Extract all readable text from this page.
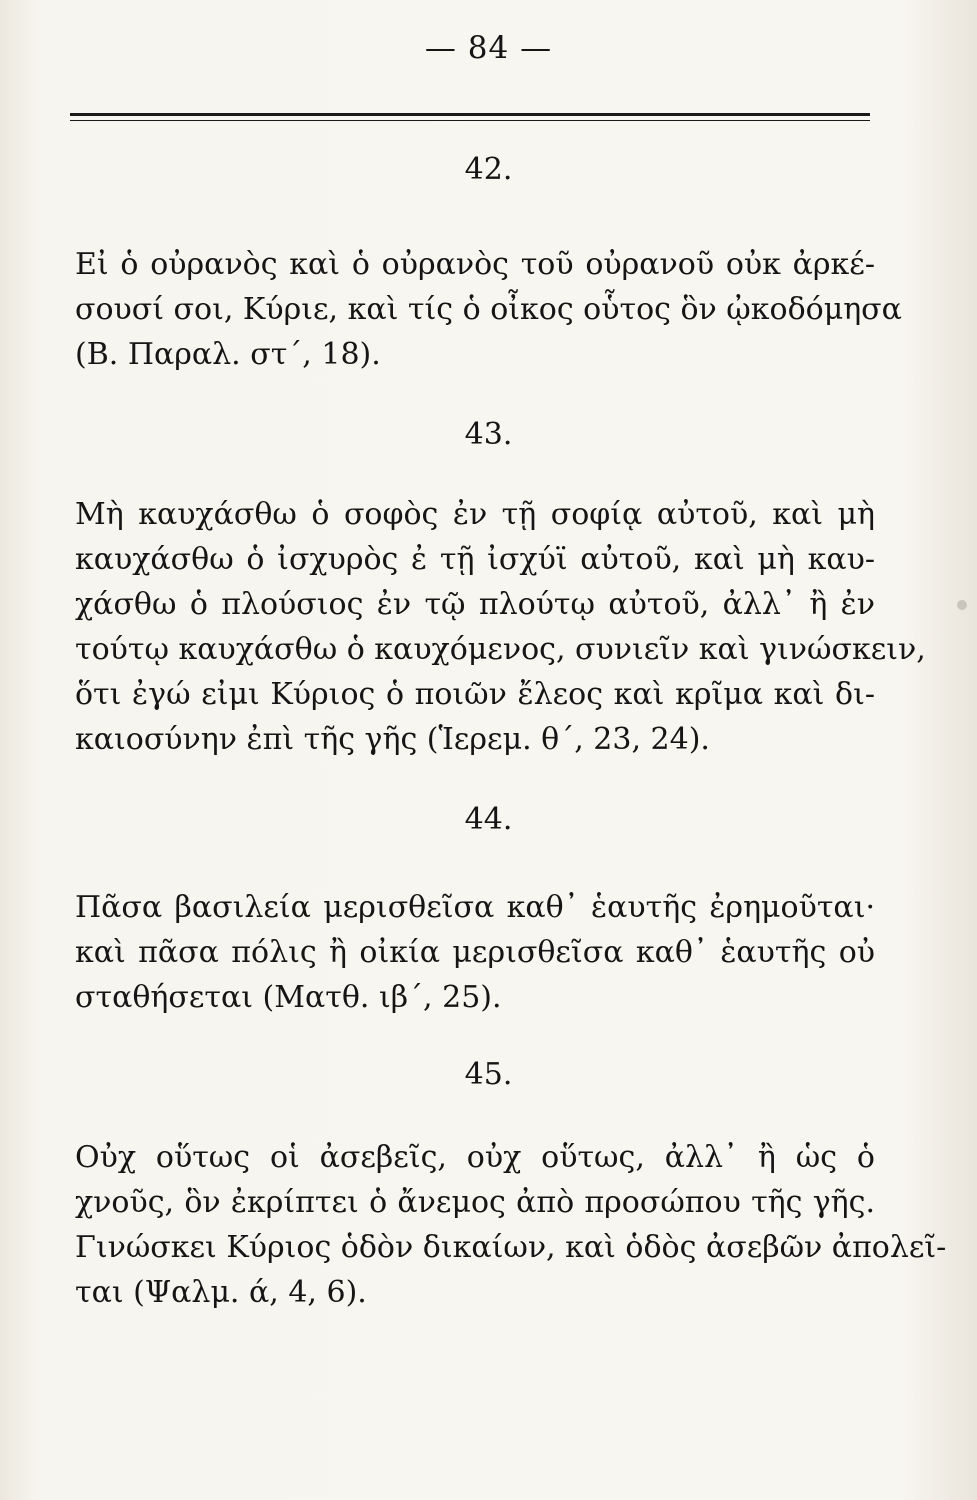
— 84 —
42.

Εἰ ὁ οὐρανὸς καὶ ὁ οὐρανὸς τοῦ οὐρανοῦ οὐκ ἀρκέ-
σουσί σοι, Κύριε, καὶ τίς ὁ οἶκος οὗτος ὃν ᾠκοδόμησα
(Β. Παραλ. στ΄, 18).

43.

Μὴ καυχάσθω ὁ σοφὸς ἐν τῇ σοφίᾳ αὐτοῦ, καὶ μὴ
καυχάσθω ὁ ἰσχυρὸς ἐ τῇ ἰσχύϊ αὐτοῦ, καὶ μὴ καυ-
χάσθω ὁ πλούσιος ἐν τῷ πλούτῳ αὐτοῦ, ἀλλ᾽ ἢ ἐν
τούτῳ καυχάσθω ὁ καυχόμενος, συνιεῖν καὶ γινώσκειν,
ὅτι ἐγώ εἰμι Κύριος ὁ ποιῶν ἔλεος καὶ κρῖμα καὶ δι-
καιοσύνην ἐπὶ τῆς γῆς (Ἱερεμ. θ΄, 23, 24).

44.

Πᾶσα βασιλεία μερισθεῖσα καθ᾽ ἑαυτῆς ἐρημοῦται·
καὶ πᾶσα πόλις ἢ οἰκία μερισθεῖσα καθ᾽ ἑαυτῆς οὐ
σταθήσεται (Ματθ. ιβ΄, 25).

45.

Οὐχ οὕτως οἱ ἀσεβεῖς, οὐχ οὕτως, ἀλλ᾽ ἢ ὡς ὁ
χνοῦς, ὃν ἐκρίπτει ὁ ἄνεμος ἀπὸ προσώπου τῆς γῆς.
Γινώσκει Κύριος ὁδὸν δικαίων, καὶ ὁδὸς ἀσεβῶν ἀπολεῖ-
ται (Ψαλμ. ά, 4, 6).
